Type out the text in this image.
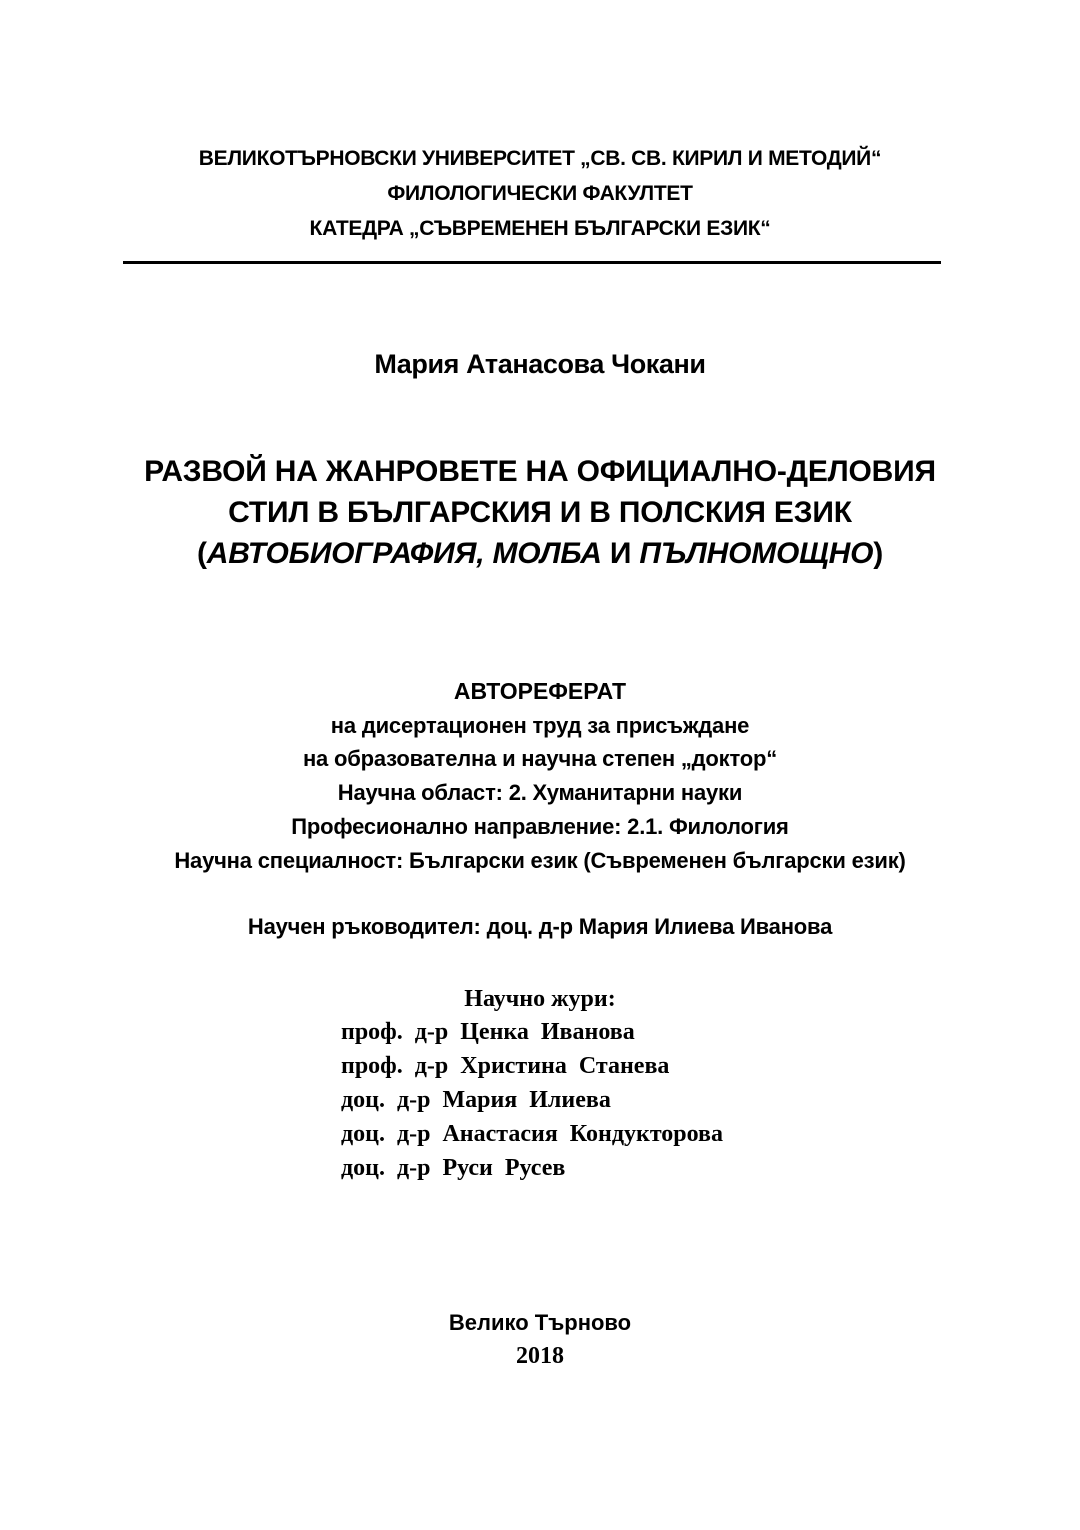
ВЕЛИКОТЪРНОВСКИ УНИВЕРСИТЕТ „СВ. СВ. КИРИЛ И МЕТОДИЙ“
ФИЛОЛОГИЧЕСКИ ФАКУЛТЕТ
КАТЕДРА „СЪВРЕМЕНЕН БЪЛГАРСКИ ЕЗИК“
Мария Атанасова Чокани
РАЗВОЙ НА ЖАНРОВЕТЕ НА ОФИЦИАЛНО-ДЕЛОВИЯ
СТИЛ В БЪЛГАРСКИЯ И В ПОЛСКИЯ ЕЗИК
(АВТОБИОГРАФИЯ, МОЛБА И ПЪЛНОМОЩНО)
АВТОРЕФЕРАТ
на дисертационен труд за присъждане
на образователна и научна степен „доктор“
Научна област: 2. Хуманитарни науки
Професионално направление: 2.1. Филология
Научна специалност: Български език (Съвременен български език)
Научен ръководител: доц. д-р Мария Илиева Иванова
Научно жури:
проф. д-р Ценка Иванова
проф. д-р Христина Станева
доц. д-р Мария Илиева
доц. д-р Анастасия Кондукторова
доц. д-р Руси Русев
Велико Търново
2018
